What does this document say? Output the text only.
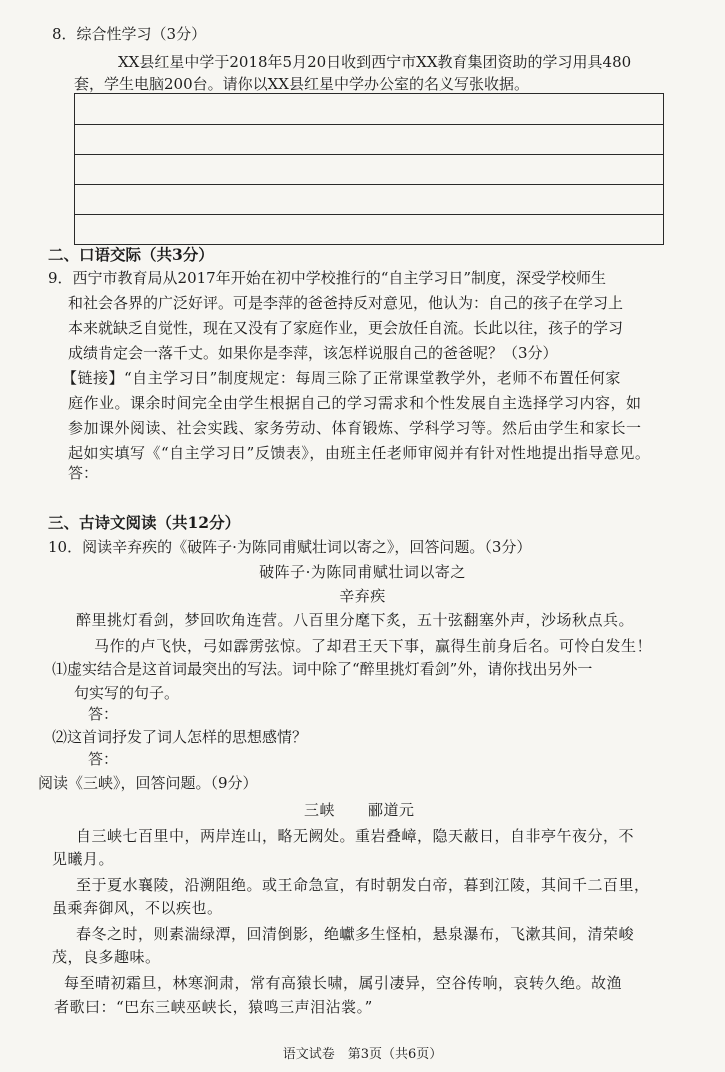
8．综合性学习（3分）
XX县红星中学于2018年5月20日收到西宁市XX教育集团资助的学习用具480
套，学生电脑200台。请你以XX县红星中学办公室的名义写张收据。
二、口语交际（共3分）
9．西宁市教育局从2017年开始在初中学校推行的“自主学习日”制度，深受学校师生
和社会各界的广泛好评。可是李萍的爸爸持反对意见，他认为：自己的孩子在学习上
本来就缺乏自觉性，现在又没有了家庭作业，更会放任自流。长此以往，孩子的学习
成绩肯定会一落千丈。如果你是李萍，该怎样说服自己的爸爸呢？（3分）
【链接】“自主学习日”制度规定：每周三除了正常课堂教学外，老师不布置任何家
庭作业。课余时间完全由学生根据自己的学习需求和个性发展自主选择学习内容，如
参加课外阅读、社会实践、家务劳动、体育锻炼、学科学习等。然后由学生和家长一
起如实填写《“自主学习日”反馈表》，由班主任老师审阅并有针对性地提出指导意见。
答：
三、古诗文阅读（共12分）
10．阅读辛弃疾的《破阵子·为陈同甫赋壮词以寄之》，回答问题。（3分）
破阵子·为陈同甫赋壮词以寄之
辛弃疾
醉里挑灯看剑，梦回吹角连营。八百里分麾下炙，五十弦翻塞外声，沙场秋点兵。
马作的卢飞快，弓如霹雳弦惊。了却君王天下事，赢得生前身后名。可怜白发生！
⑴虚实结合是这首词最突出的写法。词中除了“醉里挑灯看剑”外，请你找出另外一
句实写的句子。
答：
⑵这首词抒发了词人怎样的思想感情？
答：
阅读《三峡》，回答问题。（9分）
三峡 郦道元
自三峡七百里中，两岸连山，略无阙处。重岩叠嶂，隐天蔽日，自非亭午夜分，不
见曦月。
至于夏水襄陵，沿溯阻绝。或王命急宣，有时朝发白帝，暮到江陵，其间千二百里，
虽乘奔御风，不以疾也。
春冬之时，则素湍绿潭，回清倒影，绝巘多生怪柏，悬泉瀑布，飞漱其间，清荣峻
茂，良多趣味。
每至晴初霜旦，林寒涧肃，常有高猿长啸，属引凄异，空谷传响，哀转久绝。故渔
者歌曰：“巴东三峡巫峡长，猿鸣三声泪沾裳。”
语文试卷　第3页（共6页）
